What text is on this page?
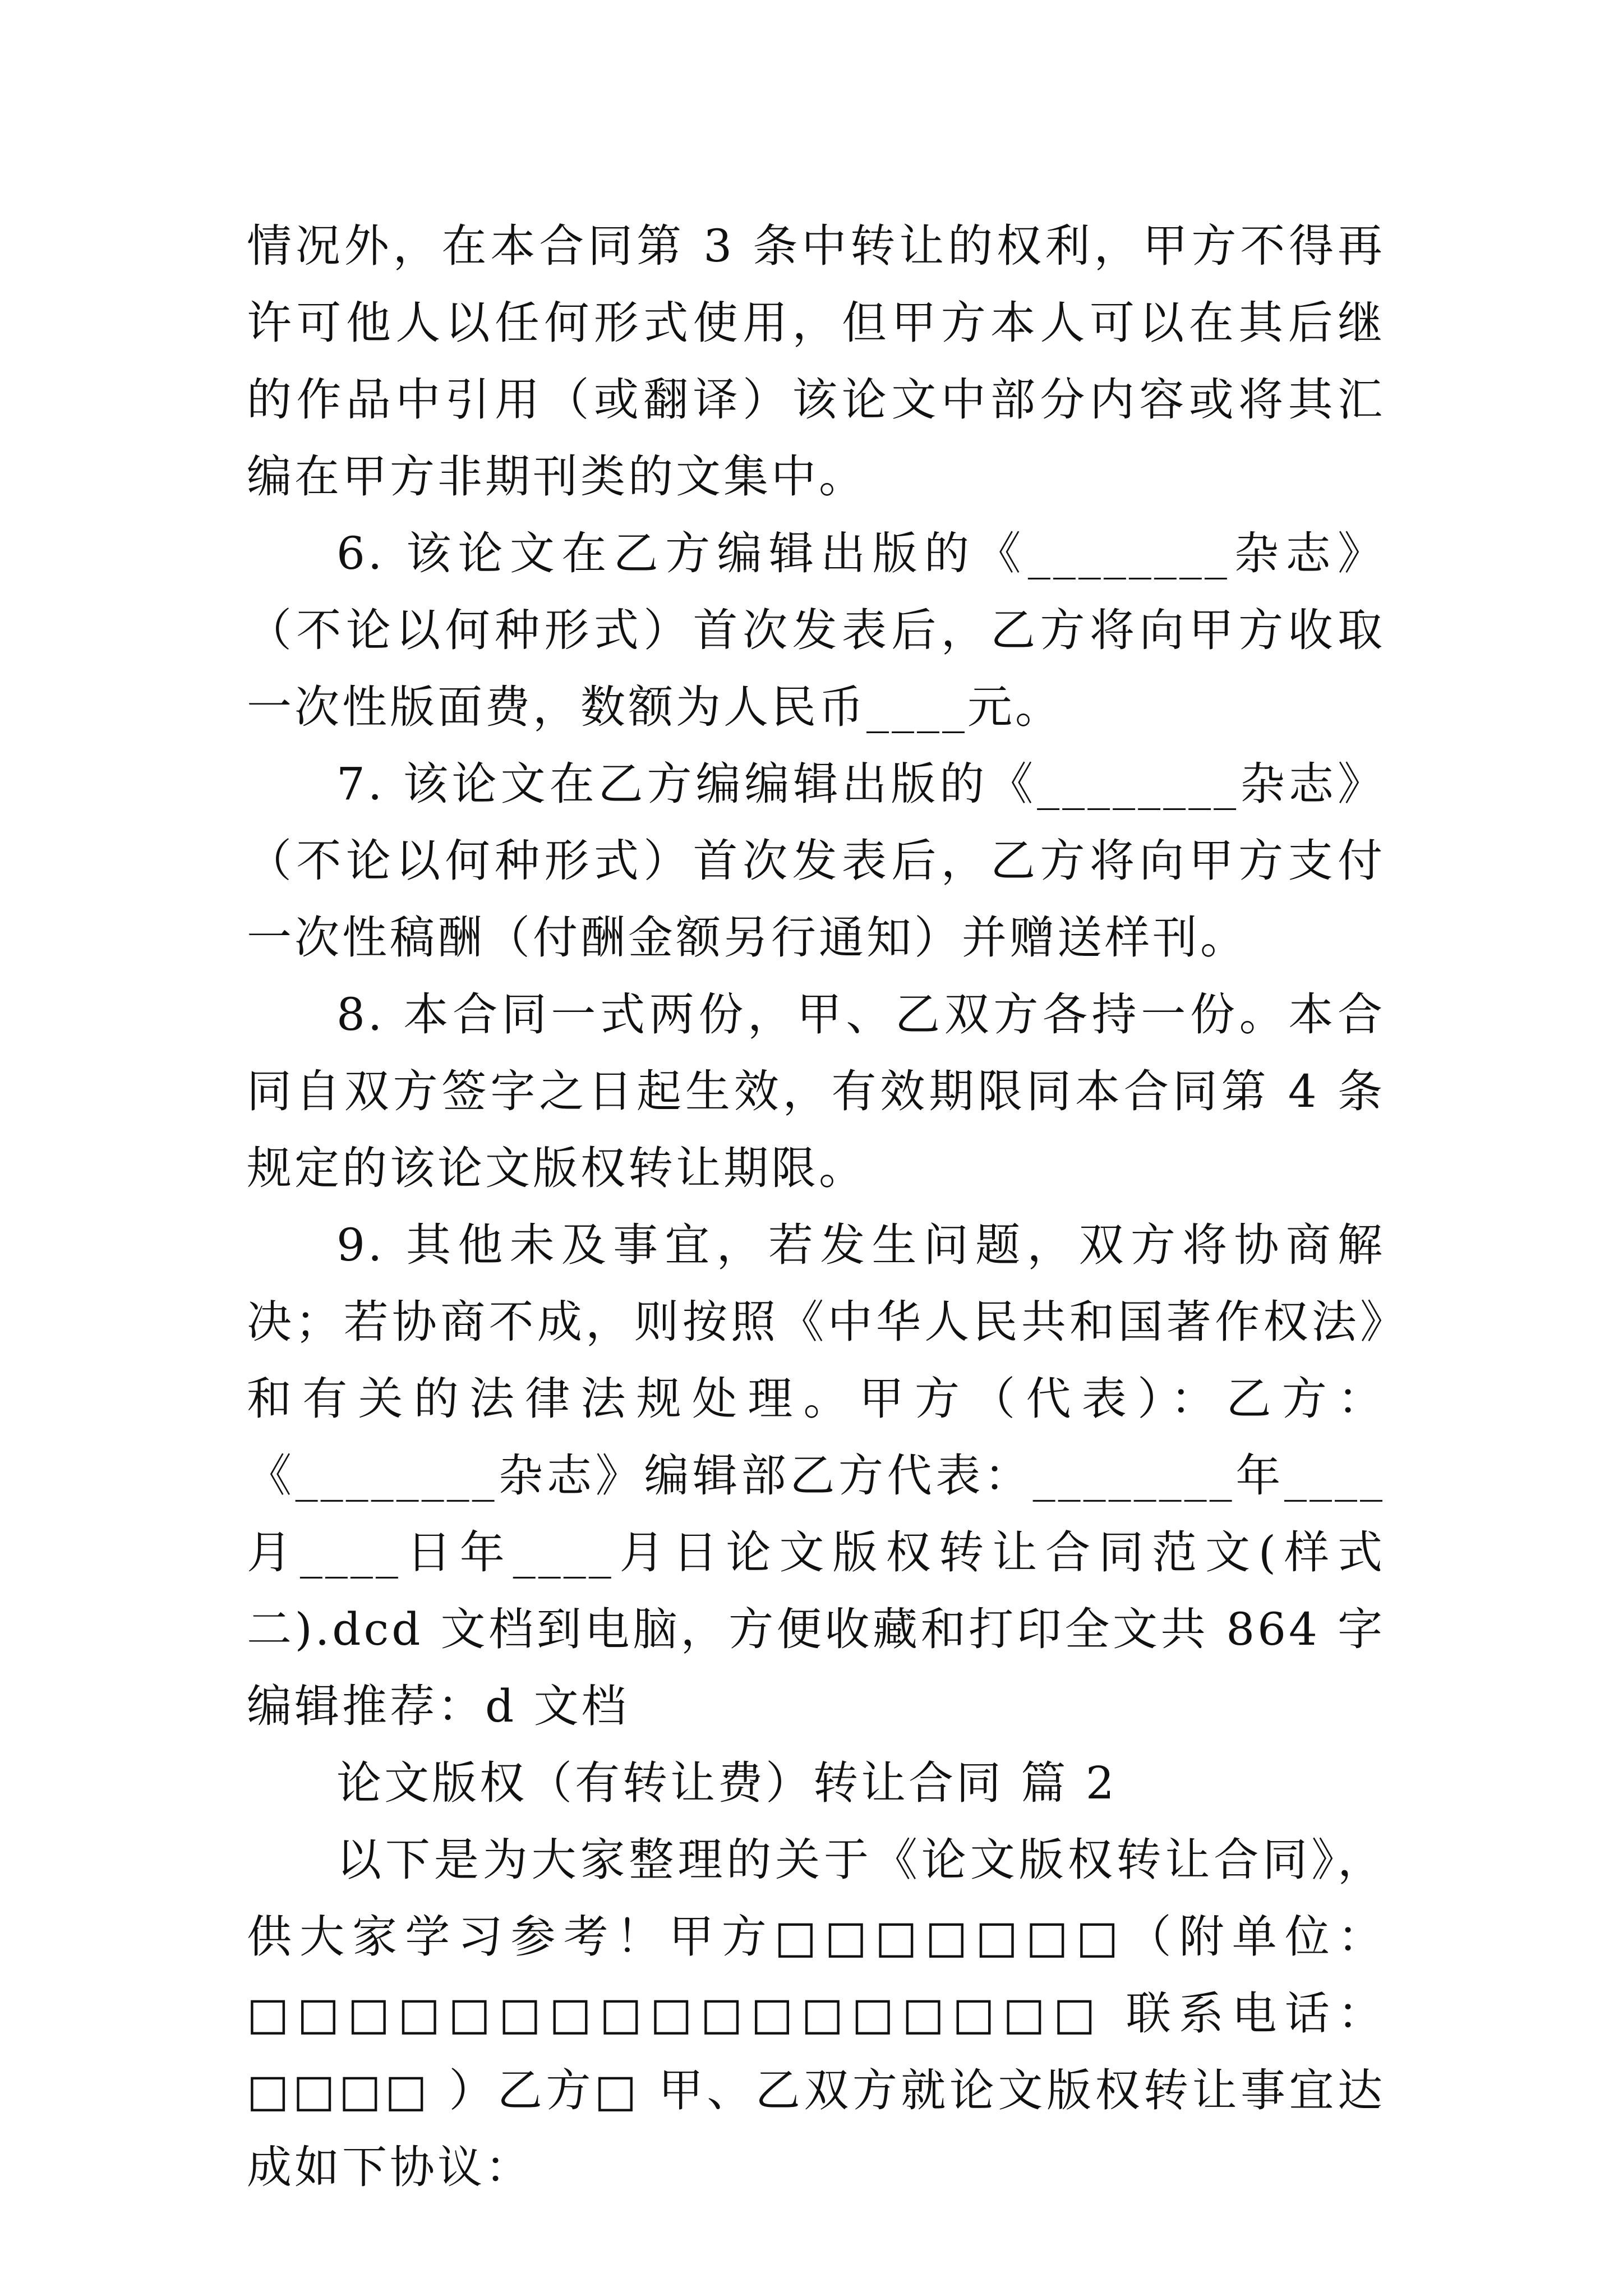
情况外，在本合同第 3 条中转让的权利，甲方不得再许可他人以任何形式使用，但甲方本人可以在其后继的作品中引用（或翻译）该论文中部分内容或将其汇编在甲方非期刊类的文集中。

6. 该论文在乙方编辑出版的《________杂志》（不论以何种形式）首次发表后，乙方将向甲方收取一次性版面费，数额为人民币____元。

7. 该论文在乙方编编辑出版的《________杂志》（不论以何种形式）首次发表后，乙方将向甲方支付一次性稿酬（付酬金额另行通知）并赠送样刊。

8. 本合同一式两份，甲、乙双方各持一份。本合同自双方签字之日起生效，有效期限同本合同第 4 条规定的该论文版权转让期限。

9. 其他未及事宜，若发生问题，双方将协商解决；若协商不成，则按照《中华人民共和国著作权法》和有关的法律法规处理。甲方（代表）：乙方：《________杂志》编辑部乙方代表：________年____月____日年____月日论文版权转让合同范文(样式二).dcd 文档到电脑，方便收藏和打印全文共 864 字编辑推荐：d 文档

论文版权（有转让费）转让合同 篇 2

以下是为大家整理的关于《论文版权转让合同》，供大家学习参考！甲方□□□□□□□（附单位：□□□□□□□□□□□□□□□□□ 联系电话：□□□□ ）乙方□ 甲、乙双方就论文版权转让事宜达成如下协议：
